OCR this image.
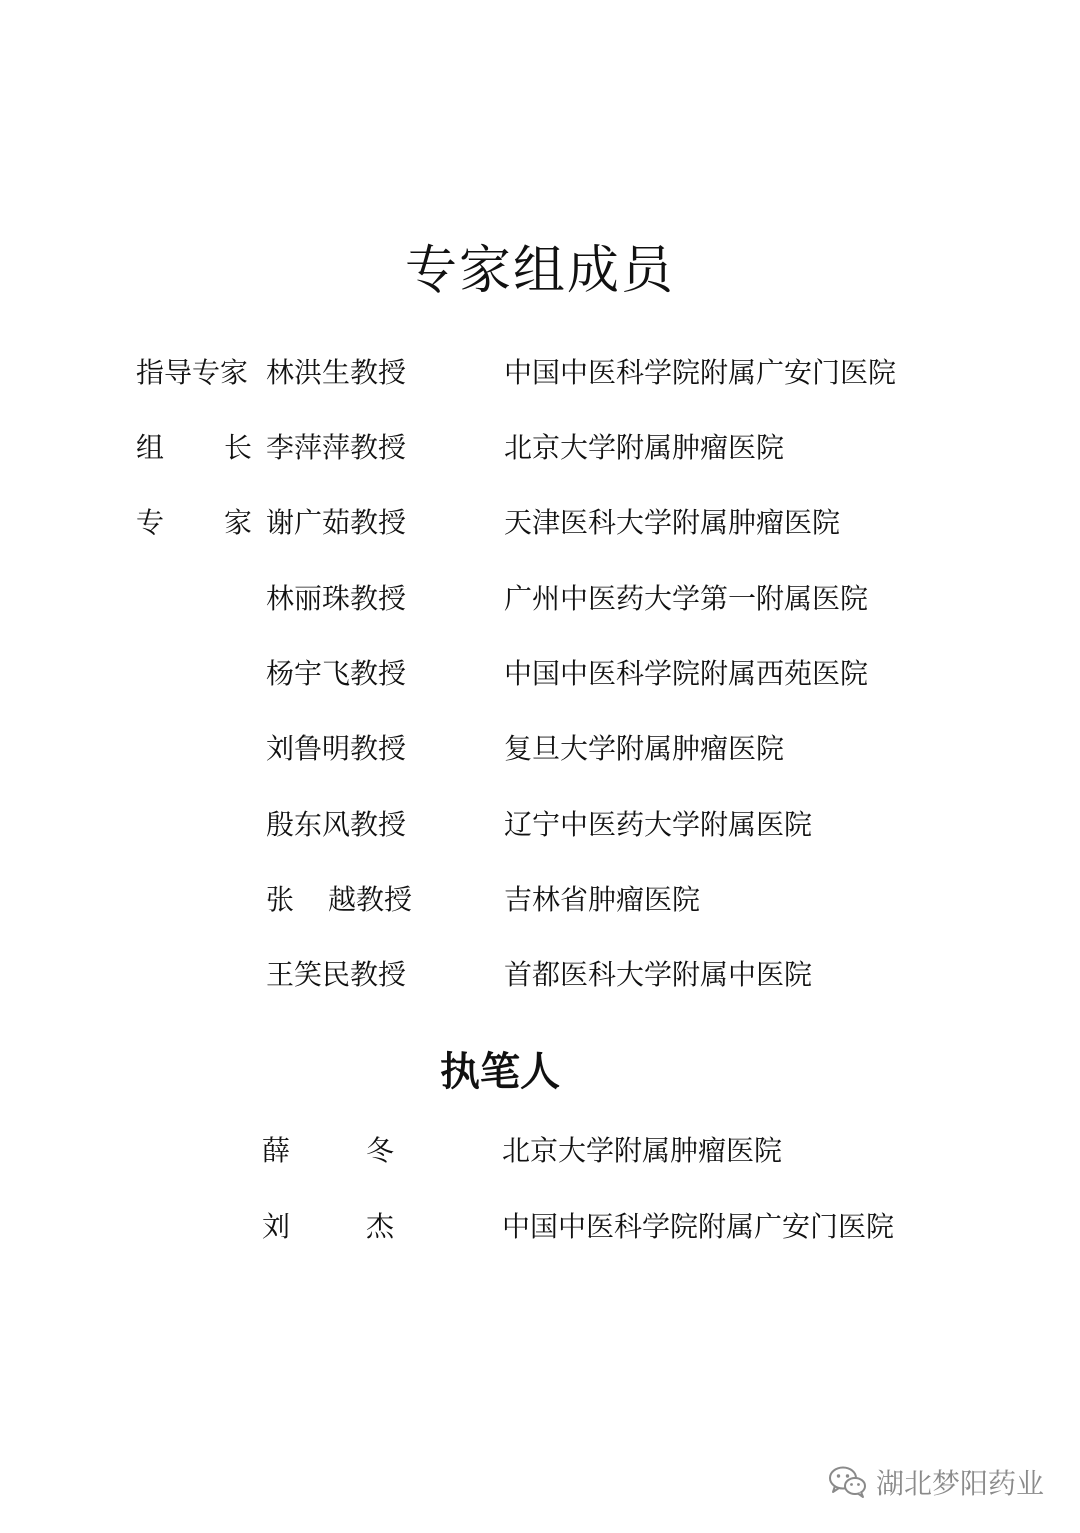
专家组成员
指导专家 林洪生教授	中国中医科学院附属广安门医院
组 长 李萍萍教授	北京大学附属肿瘤医院
专 家 谢广茹教授	天津医科大学附属肿瘤医院
林丽珠教授	广州中医药大学第一附属医院
杨宇飞教授	中国中医科学院附属西苑医院
刘鲁明教授	复旦大学附属肿瘤医院
殷东风教授	辽宁中医药大学附属医院
张 越教授	吉林省肿瘤医院
王笑民教授	首都医科大学附属中医院
执笔人
薛	冬	北京大学附属肿瘤医院
刘	杰	中国中医科学院附属广安门医院
湖北梦阳药业
